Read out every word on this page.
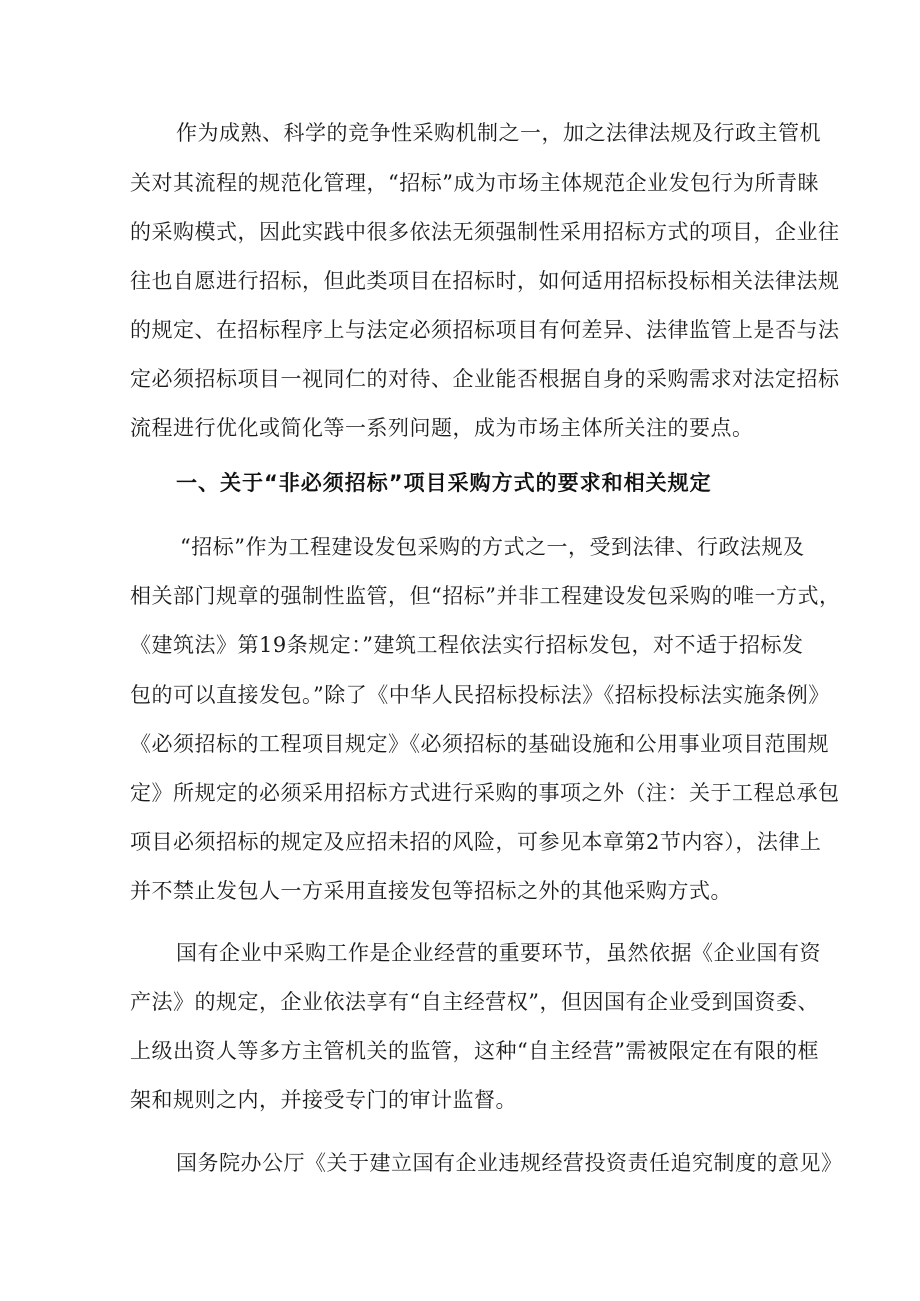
作为成熟、科学的竞争性采购机制之一，加之法律法规及行政主管机

关对其流程的规范化管理，“招标”成为市场主体规范企业发包行为所青睐

的采购模式，因此实践中很多依法无须强制性采用招标方式的项目，企业往

往也自愿进行招标，但此类项目在招标时，如何适用招标投标相关法律法规

的规定、在招标程序上与法定必须招标项目有何差异、法律监管上是否与法

定必须招标项目一视同仁的对待、企业能否根据自身的采购需求对法定招标

流程进行优化或简化等一系列问题，成为市场主体所关注的要点。

一、关于“非必须招标”项目采购方式的要求和相关规定

“招标”作为工程建设发包采购的方式之一，受到法律、行政法规及

相关部门规章的强制性监管，但“招标”并非工程建设发包采购的唯一方式，

《建筑法》第19条规定：”建筑工程依法实行招标发包，对不适于招标发

包的可以直接发包。”除了《中华人民招标投标法》《招标投标法实施条例》

《必须招标的工程项目规定》《必须招标的基础设施和公用事业项目范围规

定》所规定的必须采用招标方式进行采购的事项之外（注：关于工程总承包

项目必须招标的规定及应招未招的风险，可参见本章第2节内容），法律上

并不禁止发包人一方采用直接发包等招标之外的其他采购方式。

国有企业中采购工作是企业经营的重要环节，虽然依据《企业国有资

产法》的规定，企业依法享有“自主经营权”，但因国有企业受到国资委、

上级出资人等多方主管机关的监管，这种“自主经营”需被限定在有限的框

架和规则之内，并接受专门的审计监督。

国务院办公厅《关于建立国有企业违规经营投资责任追究制度的意见》
